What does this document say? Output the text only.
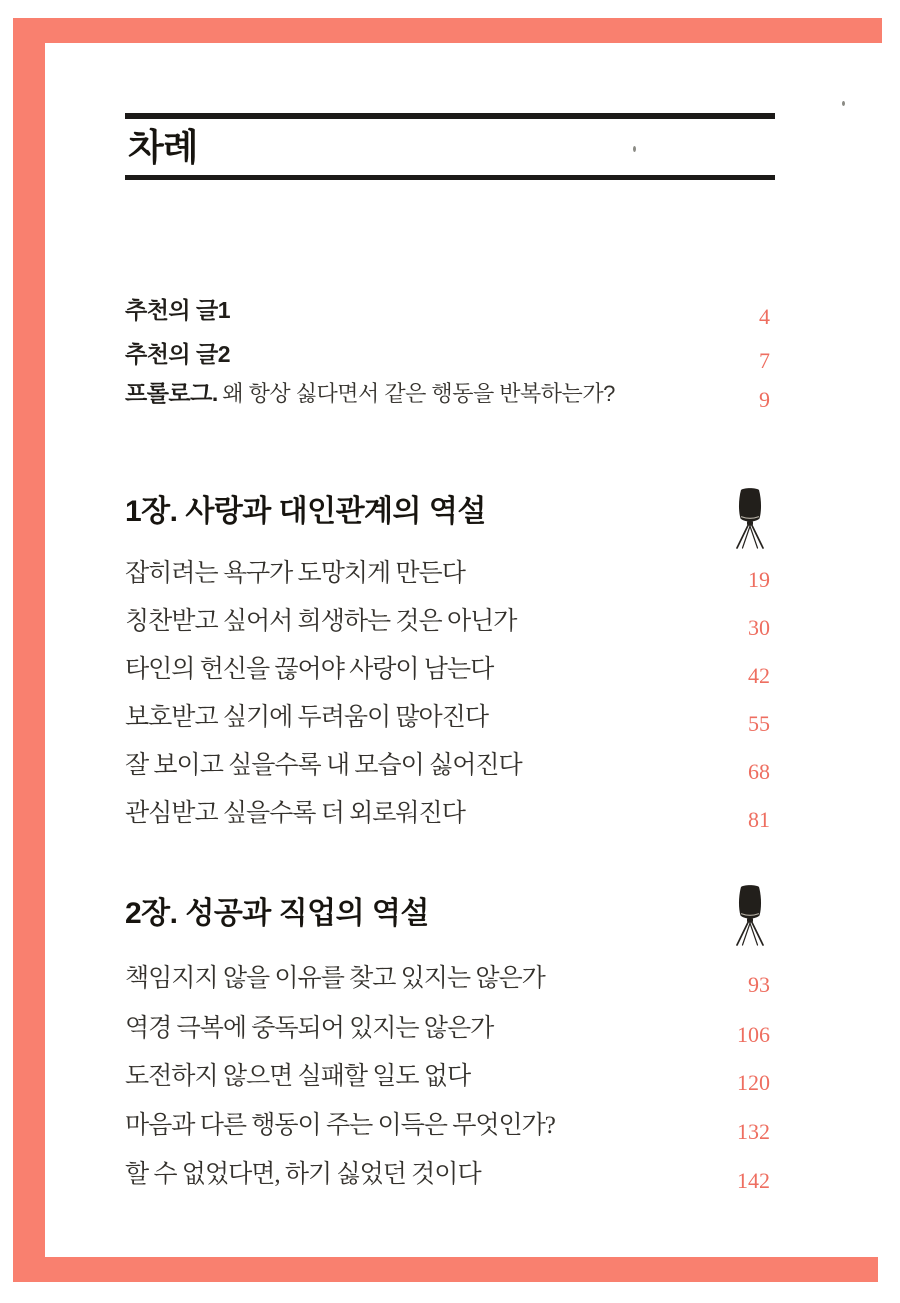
차례
추천의 글1	4
추천의 글2	7
프롤로그. 왜 항상 싫다면서 같은 행동을 반복하는가?	9
1장. 사랑과 대인관계의 역설
잡히려는 욕구가 도망치게 만든다	19
칭찬받고 싶어서 희생하는 것은 아닌가	30
타인의 헌신을 끊어야 사랑이 남는다	42
보호받고 싶기에 두려움이 많아진다	55
잘 보이고 싶을수록 내 모습이 싫어진다	68
관심받고 싶을수록 더 외로워진다	81
2장. 성공과 직업의 역설
책임지지 않을 이유를 찾고 있지는 않은가	93
역경 극복에 중독되어 있지는 않은가	106
도전하지 않으면 실패할 일도 없다	120
마음과 다른 행동이 주는 이득은 무엇인가?	132
할 수 없었다면, 하기 싫었던 것이다	142
